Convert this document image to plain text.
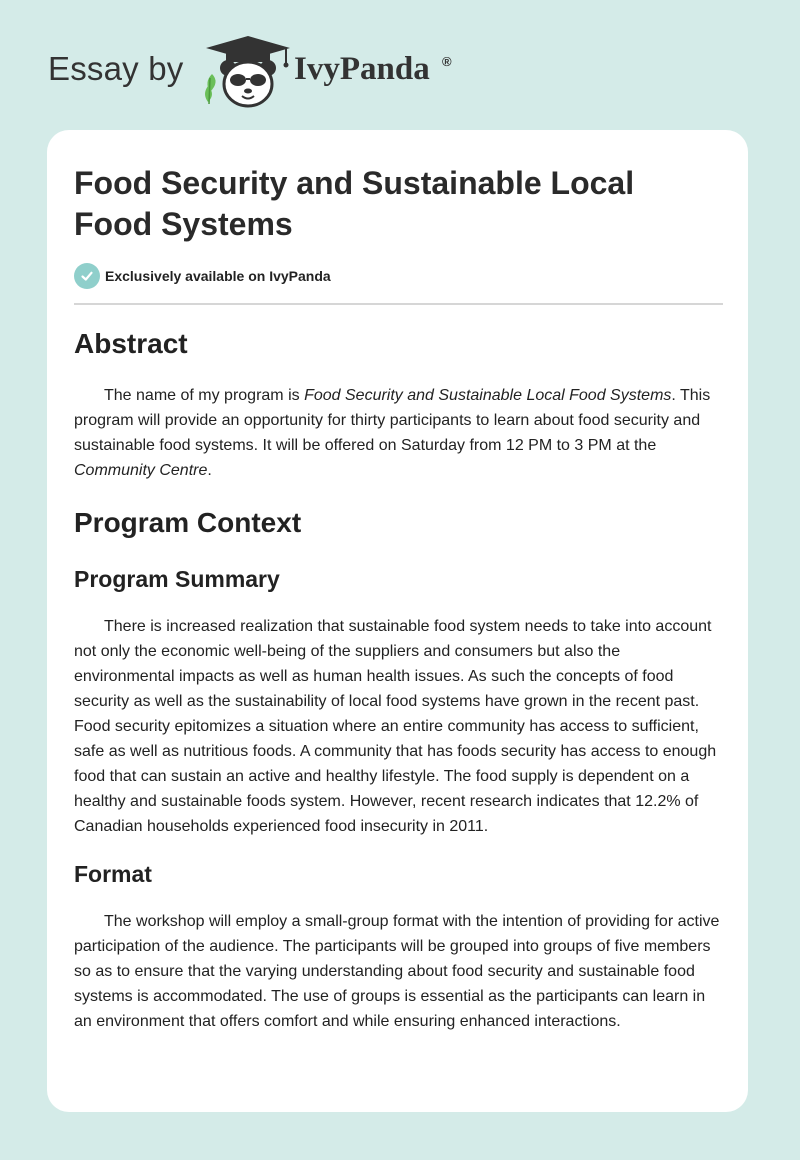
Essay by	IvyPanda ®
Food Security and Sustainable Local Food Systems
Exclusively available on IvyPanda
Abstract

The name of my program is Food Security and Sustainable Local Food Systems. This program will provide an opportunity for thirty participants to learn about food security and sustainable food systems. It will be offered on Saturday from 12 PM to 3 PM at the Community Centre.

Program Context
Program Summary

There is increased realization that sustainable food system needs to take into account not only the economic well-being of the suppliers and consumers but also the environmental impacts as well as human health issues. As such the concepts of food security as well as the sustainability of local food systems have grown in the recent past. Food security epitomizes a situation where an entire community has access to sufficient, safe as well as nutritious foods. A community that has foods security has access to enough food that can sustain an active and healthy lifestyle. The food supply is dependent on a healthy and sustainable foods system. However, recent research indicates that 12.2% of Canadian households experienced food insecurity in 2011.

Format

The workshop will employ a small-group format with the intention of providing for active participation of the audience. The participants will be grouped into groups of five members so as to ensure that the varying understanding about food security and sustainable food systems is accommodated. The use of groups is essential as the participants can learn in an environment that offers comfort and while ensuring enhanced interactions.
